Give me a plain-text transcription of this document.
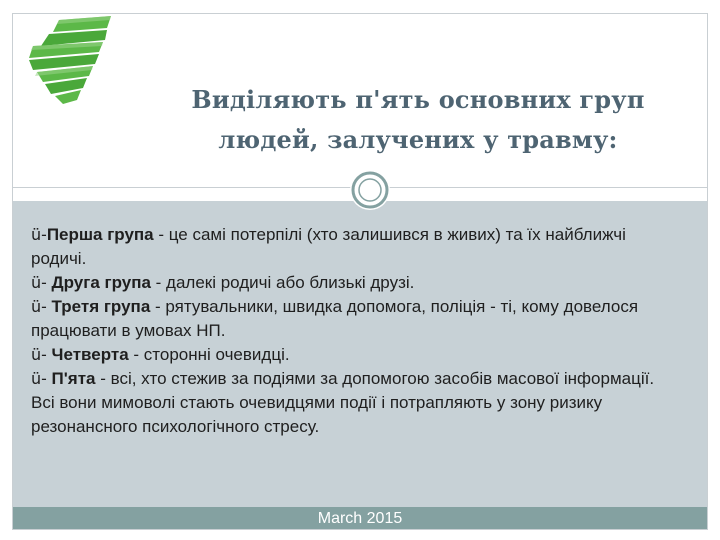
Виділяють п'ять основних груп
людей, залучених у травму:

ü-Перша група - це самі потерпілі (хто залишився в живих) та їх найближчі родичі.

ü- Друга група - далекі родичі або близькі друзі.

ü- Третя група - рятувальники, швидка допомога, поліція - ті, кому довелося працювати в умовах НП.

ü- Четверта - сторонні очевидці.

ü- П'ята - всі, хто стежив за подіями за допомогою засобів масової інформації. Всі вони мимоволі стають очевидцями події і потрапляють у зону ризику резонансного психологічного стресу.

March 2015
